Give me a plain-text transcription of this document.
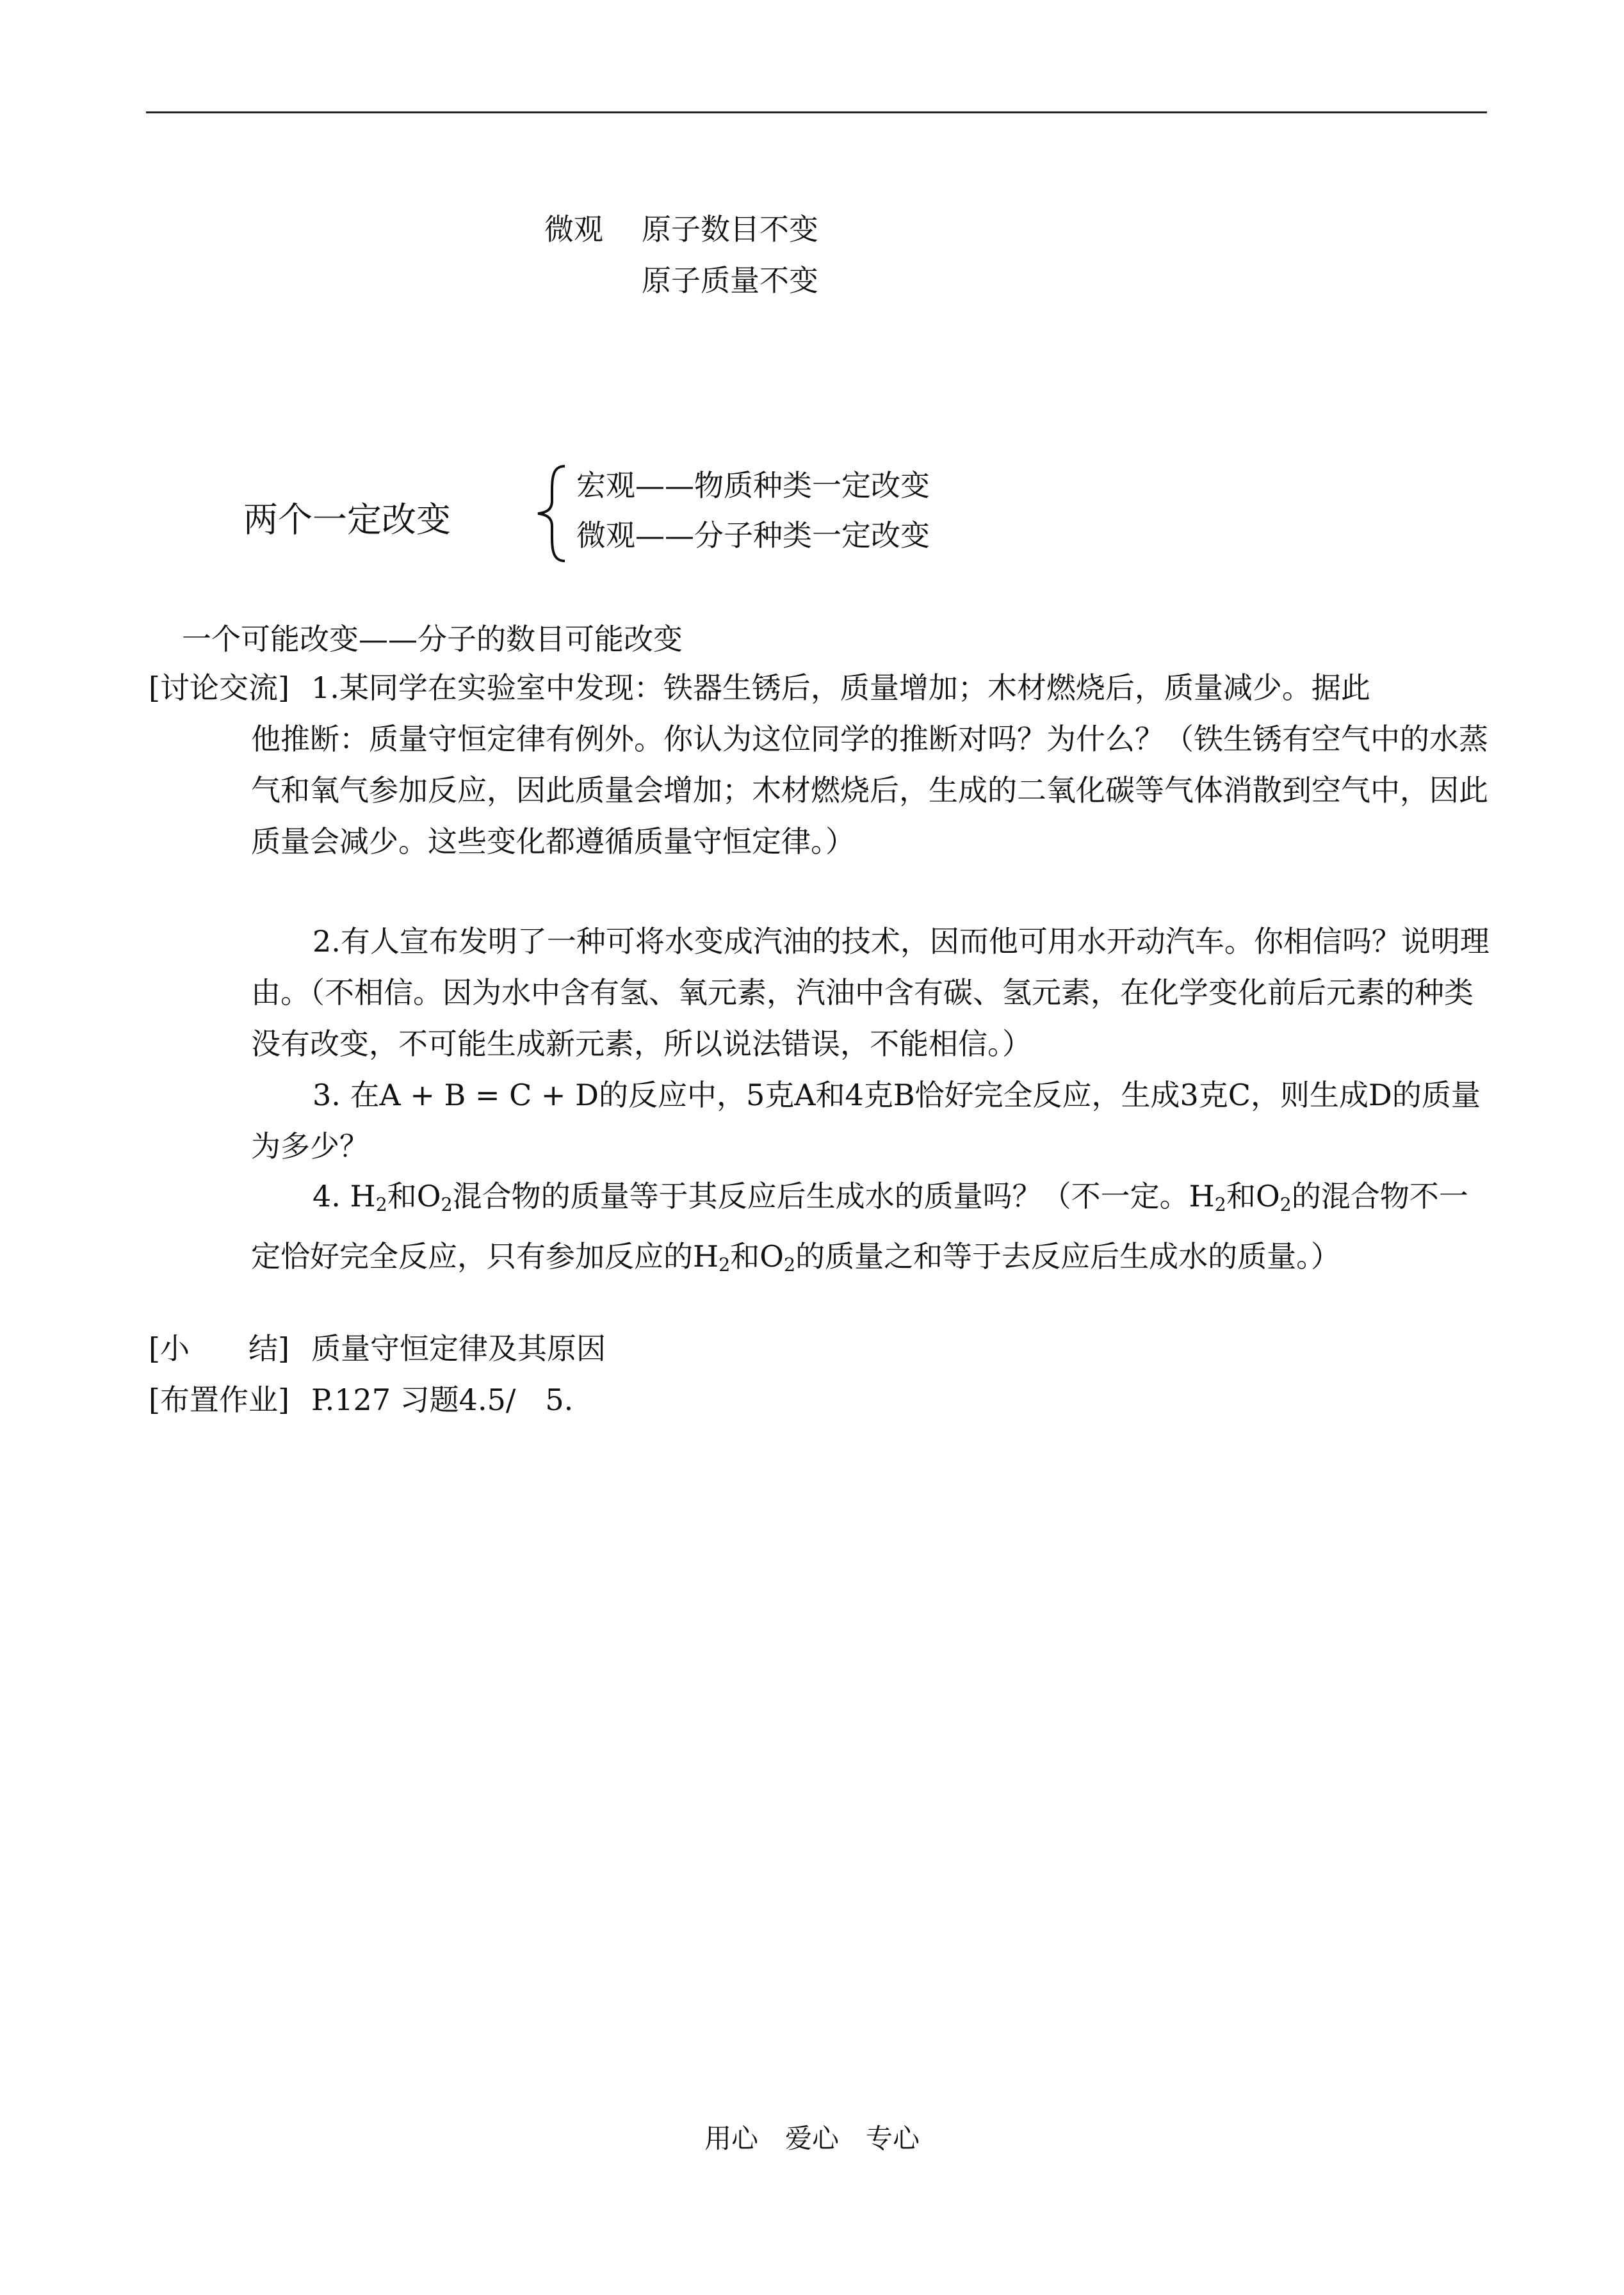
微观 原子数目不变
原子质量不变
两个一定改变
宏观——物质种类一定改变
微观——分子种类一定改变
一个可能改变——分子的数目可能改变
[讨论交流] 1.某同学在实验室中发现：铁器生锈后，质量增加；木材燃烧后，质量减少。据此
他推断：质量守恒定律有例外。你认为这位同学的推断对吗？为什么？（铁生锈有空气中的水蒸气和氧气参加反应，因此质量会增加；木材燃烧后，生成的二氧化碳等气体消散到空气中，因此质量会减少。这些变化都遵循质量守恒定律。）
2.有人宣布发明了一种可将水变成汽油的技术，因而他可用水开动汽车。你相信吗？说明理由。（不相信。因为水中含有氢、氧元素，汽油中含有碳、氢元素，在化学变化前后元素的种类没有改变，不可能生成新元素，所以说法错误，不能相信。）
3. 在A + B = C + D的反应中，5克A和4克B恰好完全反应，生成3克C，则生成D的质量为多少？
4. $H_2$和$O_2$混合物的质量等于其反应后生成水的质量吗？（不一定。$H_2$和$O_2$的混合物不一定恰好完全反应，只有参加反应的$H_2$和$O_2$的质量之和等于去反应后生成水的质量。）
[小　　结] 质量守恒定律及其原因
[布置作业] P.127 习题4.5/　5.
用心　爱心　专心
